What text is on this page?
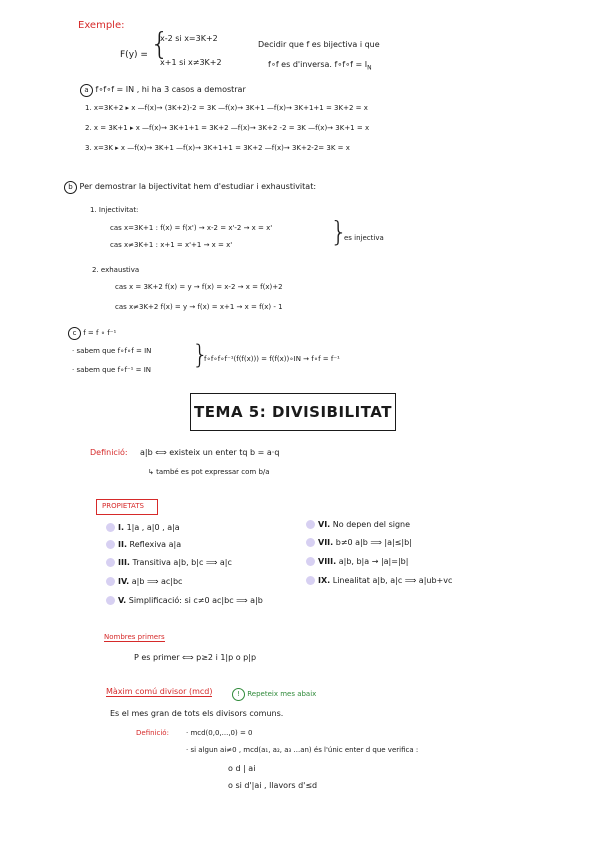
Exemple:
F(y) = {
x-2 si x=3K+2
x+1 si x≠3K+2
Decidir que f es bijectiva i que
f∘f es d'inversa. f∘f∘f = $I_N$
a f∘f∘f = IN , hi ha 3 casos a demostrar
1. x=3K+2 ▸ x —f(x)→ (3K+2)-2 = 3K —f(x)→ 3K+1 —f(x)→ 3K+1+1 = 3K+2 = x
2. x = 3K+1 ▸ x —f(x)→ 3K+1+1 = 3K+2 —f(x)→ 3K+2 -2 = 3K —f(x)→ 3K+1 = x
3. x=3K ▸ x —f(x)→ 3K+1 —f(x)→ 3K+1+1 = 3K+2 —f(x)→ 3K+2-2= 3K = x
b Per demostrar la bijectivitat hem d'estudiar i exhaustivitat:
1. Injectivitat:
cas x=3K+1 : f(x) = f(x') → x-2 = x'-2 → x = x'
cas x≠3K+1 : x+1 = x'+1 → x = x'	}
es injectiva
2. exhaustiva
cas x = 3K+2 f(x) = y → f(x) = x-2 → x = f(x)+2
cas x≠3K+2 f(x) = y → f(x) = x+1 → x = f(x) - 1
c f = f ∘ f⁻¹
· sabem que f∘f∘f = IN
· sabem que f∘f⁻¹ = IN }
f∘f∘f∘f⁻¹(f(f(x))) = f(f(x))∘IN → f∘f = f⁻¹
TEMA 5: DIVISIBILITAT
Definició: a|b ⟺ existeix un enter tq b = a·q
↳ també es pot expressar com b/a
PROPIETATS
I. 1|a , a|0 , a|a
II. Reflexiva a|a
III. Transitiva a|b, b|c ⟹ a|c
IV. a|b ⟹ ac|bc
V. Simplificació: si c≠0 ac|bc ⟹ a|b
VI. No depen del signe
VII. b≠0 a|b ⟹ |a|≤|b|
VIII. a|b, b|a → |a|=|b|
IX. Linealitat a|b, a|c ⟹ a|ub+vc
Nombres primers
P es primer ⟺ p≥2 i 1|p o p|p
Màxim comú divisor (mcd)	! Repeteix mes abaix
Es el mes gran de tots els divisors comuns.
Definició: · mcd(0,0,...,0) = 0
· si algun ai≠0 , mcd(a₁, a₂, a₃ ...an) és l'únic enter d que verifica :
o d | ai
o si d'|ai , llavors d'≤d
